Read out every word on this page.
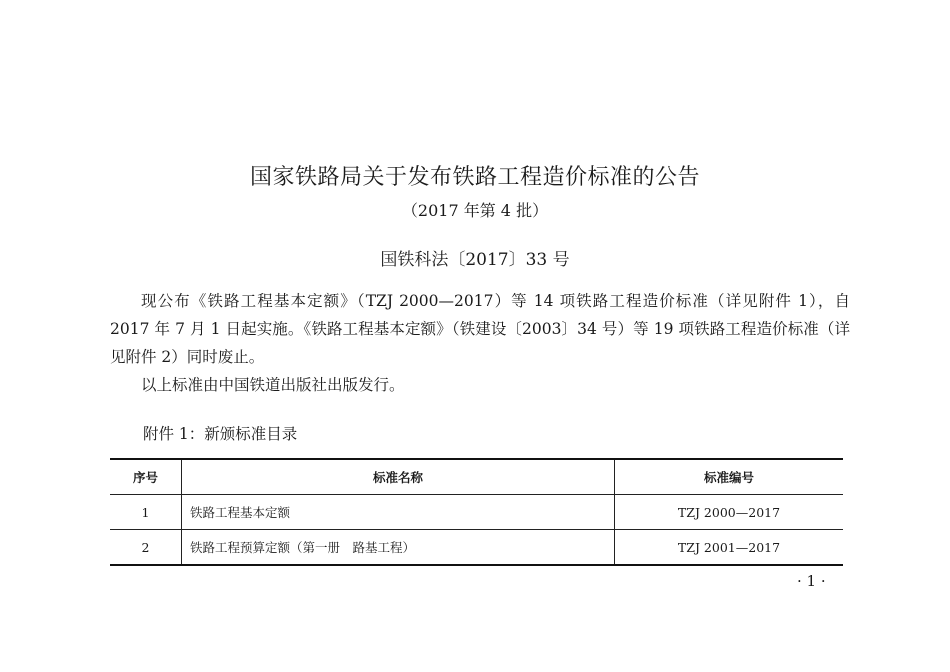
国家铁路局关于发布铁路工程造价标准的公告
（2017 年第 4 批）
国铁科法〔2017〕33 号

现公布《铁路工程基本定额》（TZJ 2000—2017）等 14 项铁路工程造价标准（详见附件 1），自 2017 年 7 月 1 日起实施。《铁路工程基本定额》（铁建设〔2003〕34 号）等 19 项铁路工程造价标准（详见附件 2）同时废止。

以上标准由中国铁道出版社出版发行。

附件 1：新颁标准目录
序号	标准名称	标准编号
1	铁路工程基本定额	TZJ 2000—2017
2	铁路工程预算定额（第一册　路基工程）	TZJ 2001—2017
· 1 ·
